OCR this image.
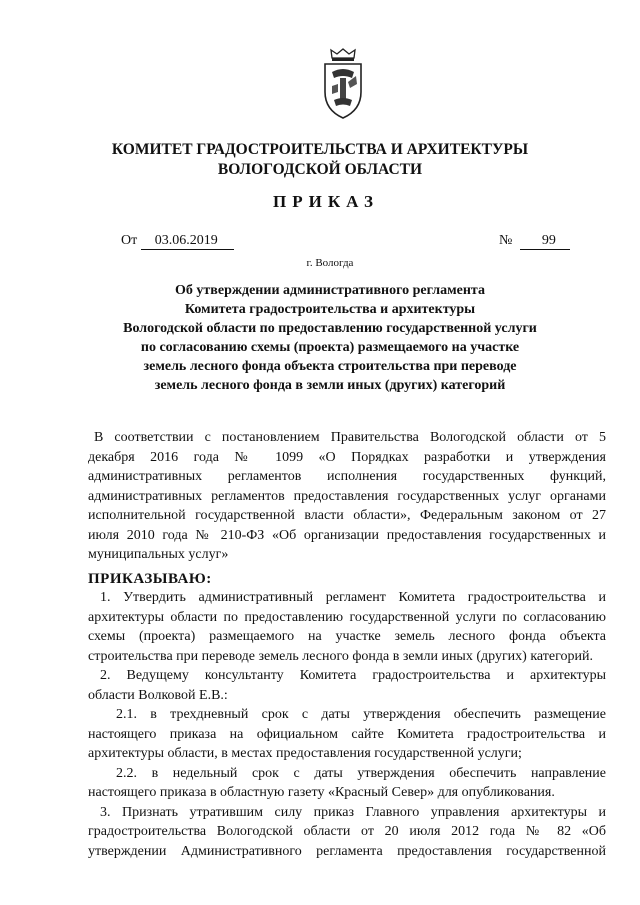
КОМИТЕТ ГРАДОСТРОИТЕЛЬСТВА И АРХИТЕКТУРЫ
ВОЛОГОДСКОЙ ОБЛАСТИ
ПРИКАЗ
От 03.06.2019	№ 99
г. Вологда
Об утверждении административного регламента
Комитета градостроительства и архитектуры
Вологодской области по предоставлению государственной услуги
по согласованию схемы (проекта) размещаемого на участке
земель лесного фонда объекта строительства при переводе
земель лесного фонда в земли иных (других) категорий
В соответствии с постановлением Правительства Вологодской области от 5
декабря 2016 года № 1099 «О Порядках разработки и утверждения
административных регламентов исполнения государственных функций,
административных регламентов предоставления государственных услуг органами
исполнительной государственной власти области», Федеральным законом от 27
июля 2010 года № 210-ФЗ «Об организации предоставления государственных и
муниципальных услуг»
ПРИКАЗЫВАЮ:
1. Утвердить административный регламент Комитета градостроительства и
архитектуры области по предоставлению государственной услуги по согласованию
схемы (проекта) размещаемого на участке земель лесного фонда объекта
строительства при переводе земель лесного фонда в земли иных (других) категорий.
2. Ведущему консультанту Комитета градостроительства и архитектуры
области Волковой Е.В.:
2.1. в трехдневный срок с даты утверждения обеспечить размещение
настоящего приказа на официальном сайте Комитета градостроительства и
архитектуры области, в местах предоставления государственной услуги;
2.2. в недельный срок с даты утверждения обеспечить направление
настоящего приказа в областную газету «Красный Север» для опубликования.
3. Признать утратившим силу приказ Главного управления архитектуры и
градостроительства Вологодской области от 20 июля 2012 года № 82 «Об
утверждении Административного регламента предоставления государственной
